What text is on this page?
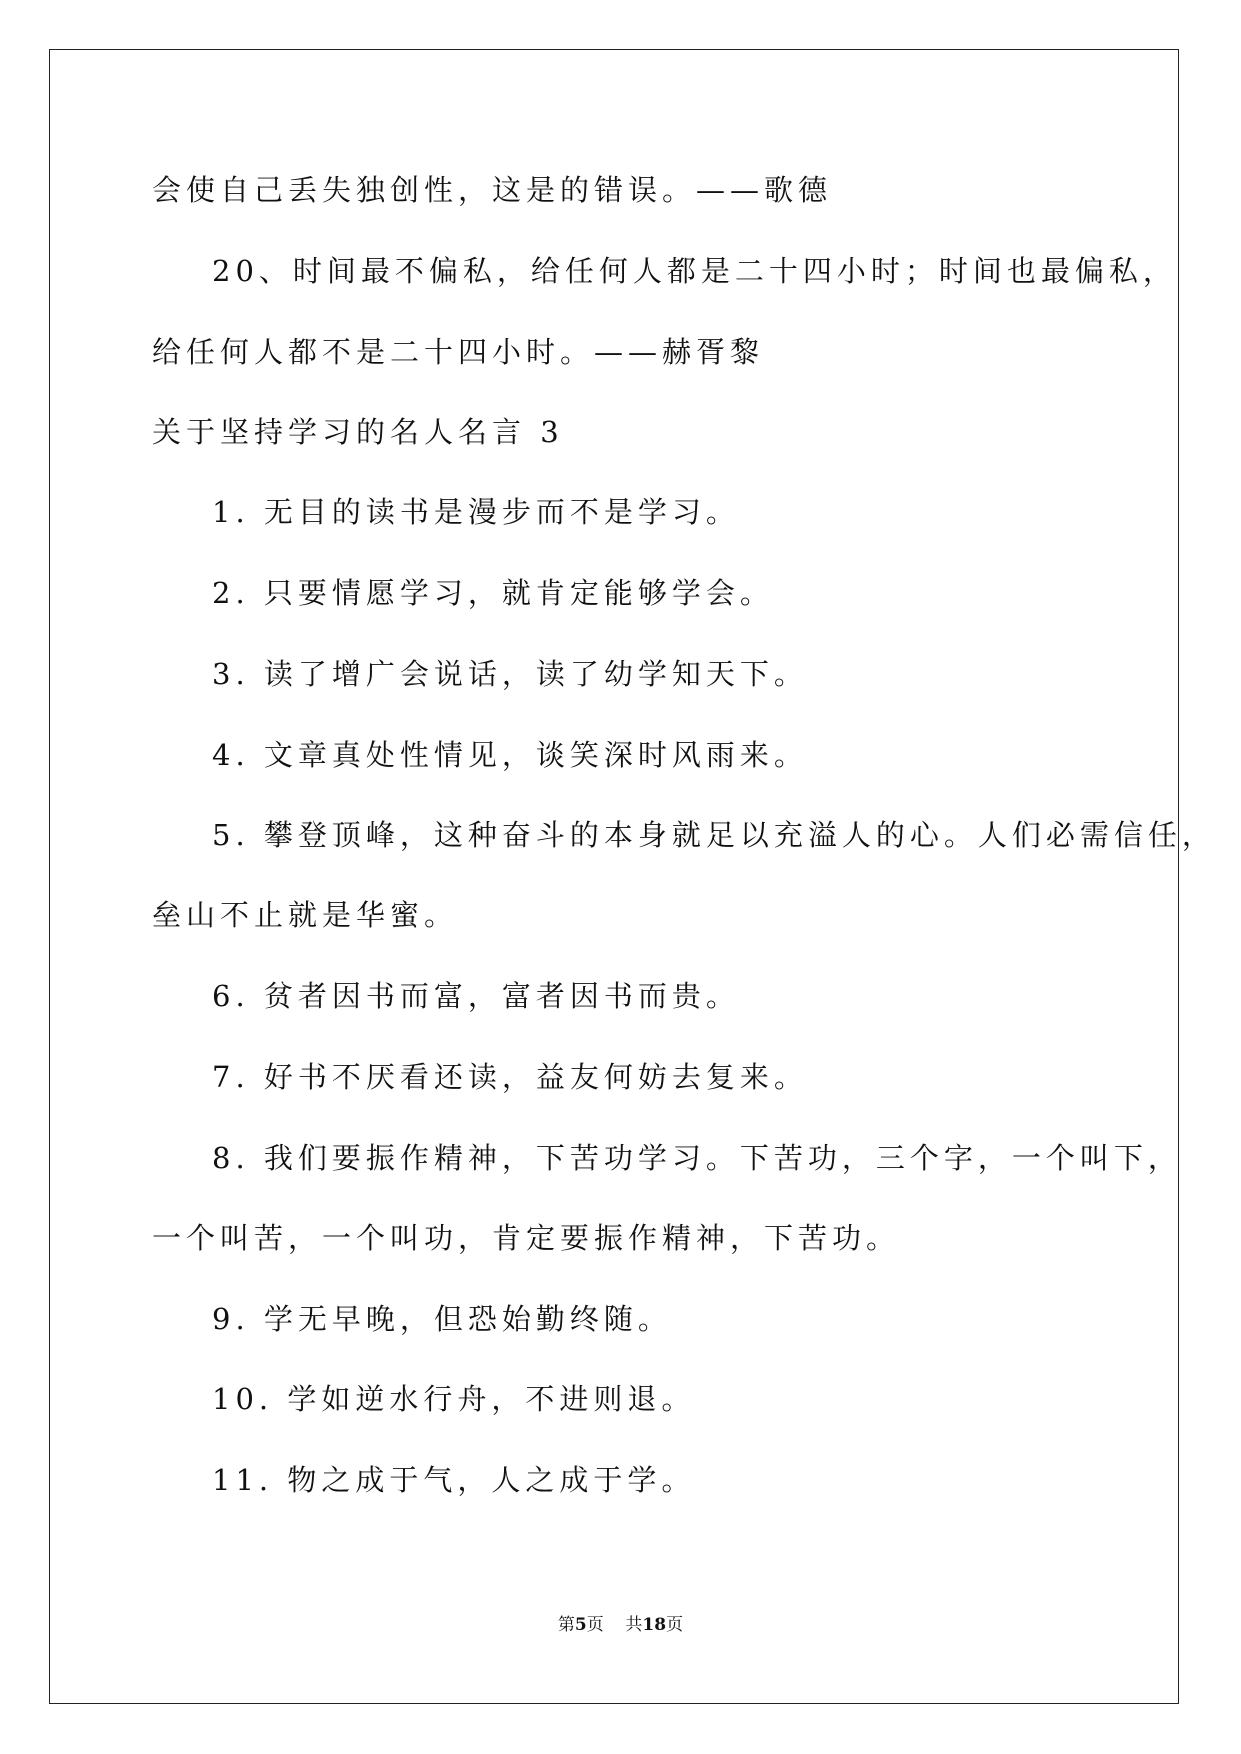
会使自己丢失独创性，这是的错误。——歌德
20、时间最不偏私，给任何人都是二十四小时；时间也最偏私，
给任何人都不是二十四小时。——赫胥黎
关于坚持学习的名人名言 3
1. 无目的读书是漫步而不是学习。
2. 只要情愿学习，就肯定能够学会。
3. 读了增广会说话，读了幼学知天下。
4. 文章真处性情见，谈笑深时风雨来。
5. 攀登顶峰，这种奋斗的本身就足以充溢人的心。人们必需信任，
垒山不止就是华蜜。
6. 贫者因书而富，富者因书而贵。
7. 好书不厌看还读，益友何妨去复来。
8. 我们要振作精神，下苦功学习。下苦功，三个字，一个叫下，
一个叫苦，一个叫功，肯定要振作精神，下苦功。
9. 学无早晚，但恐始勤终随。
10. 学如逆水行舟，不进则退。
11. 物之成于气，人之成于学。
第5页 共18页
